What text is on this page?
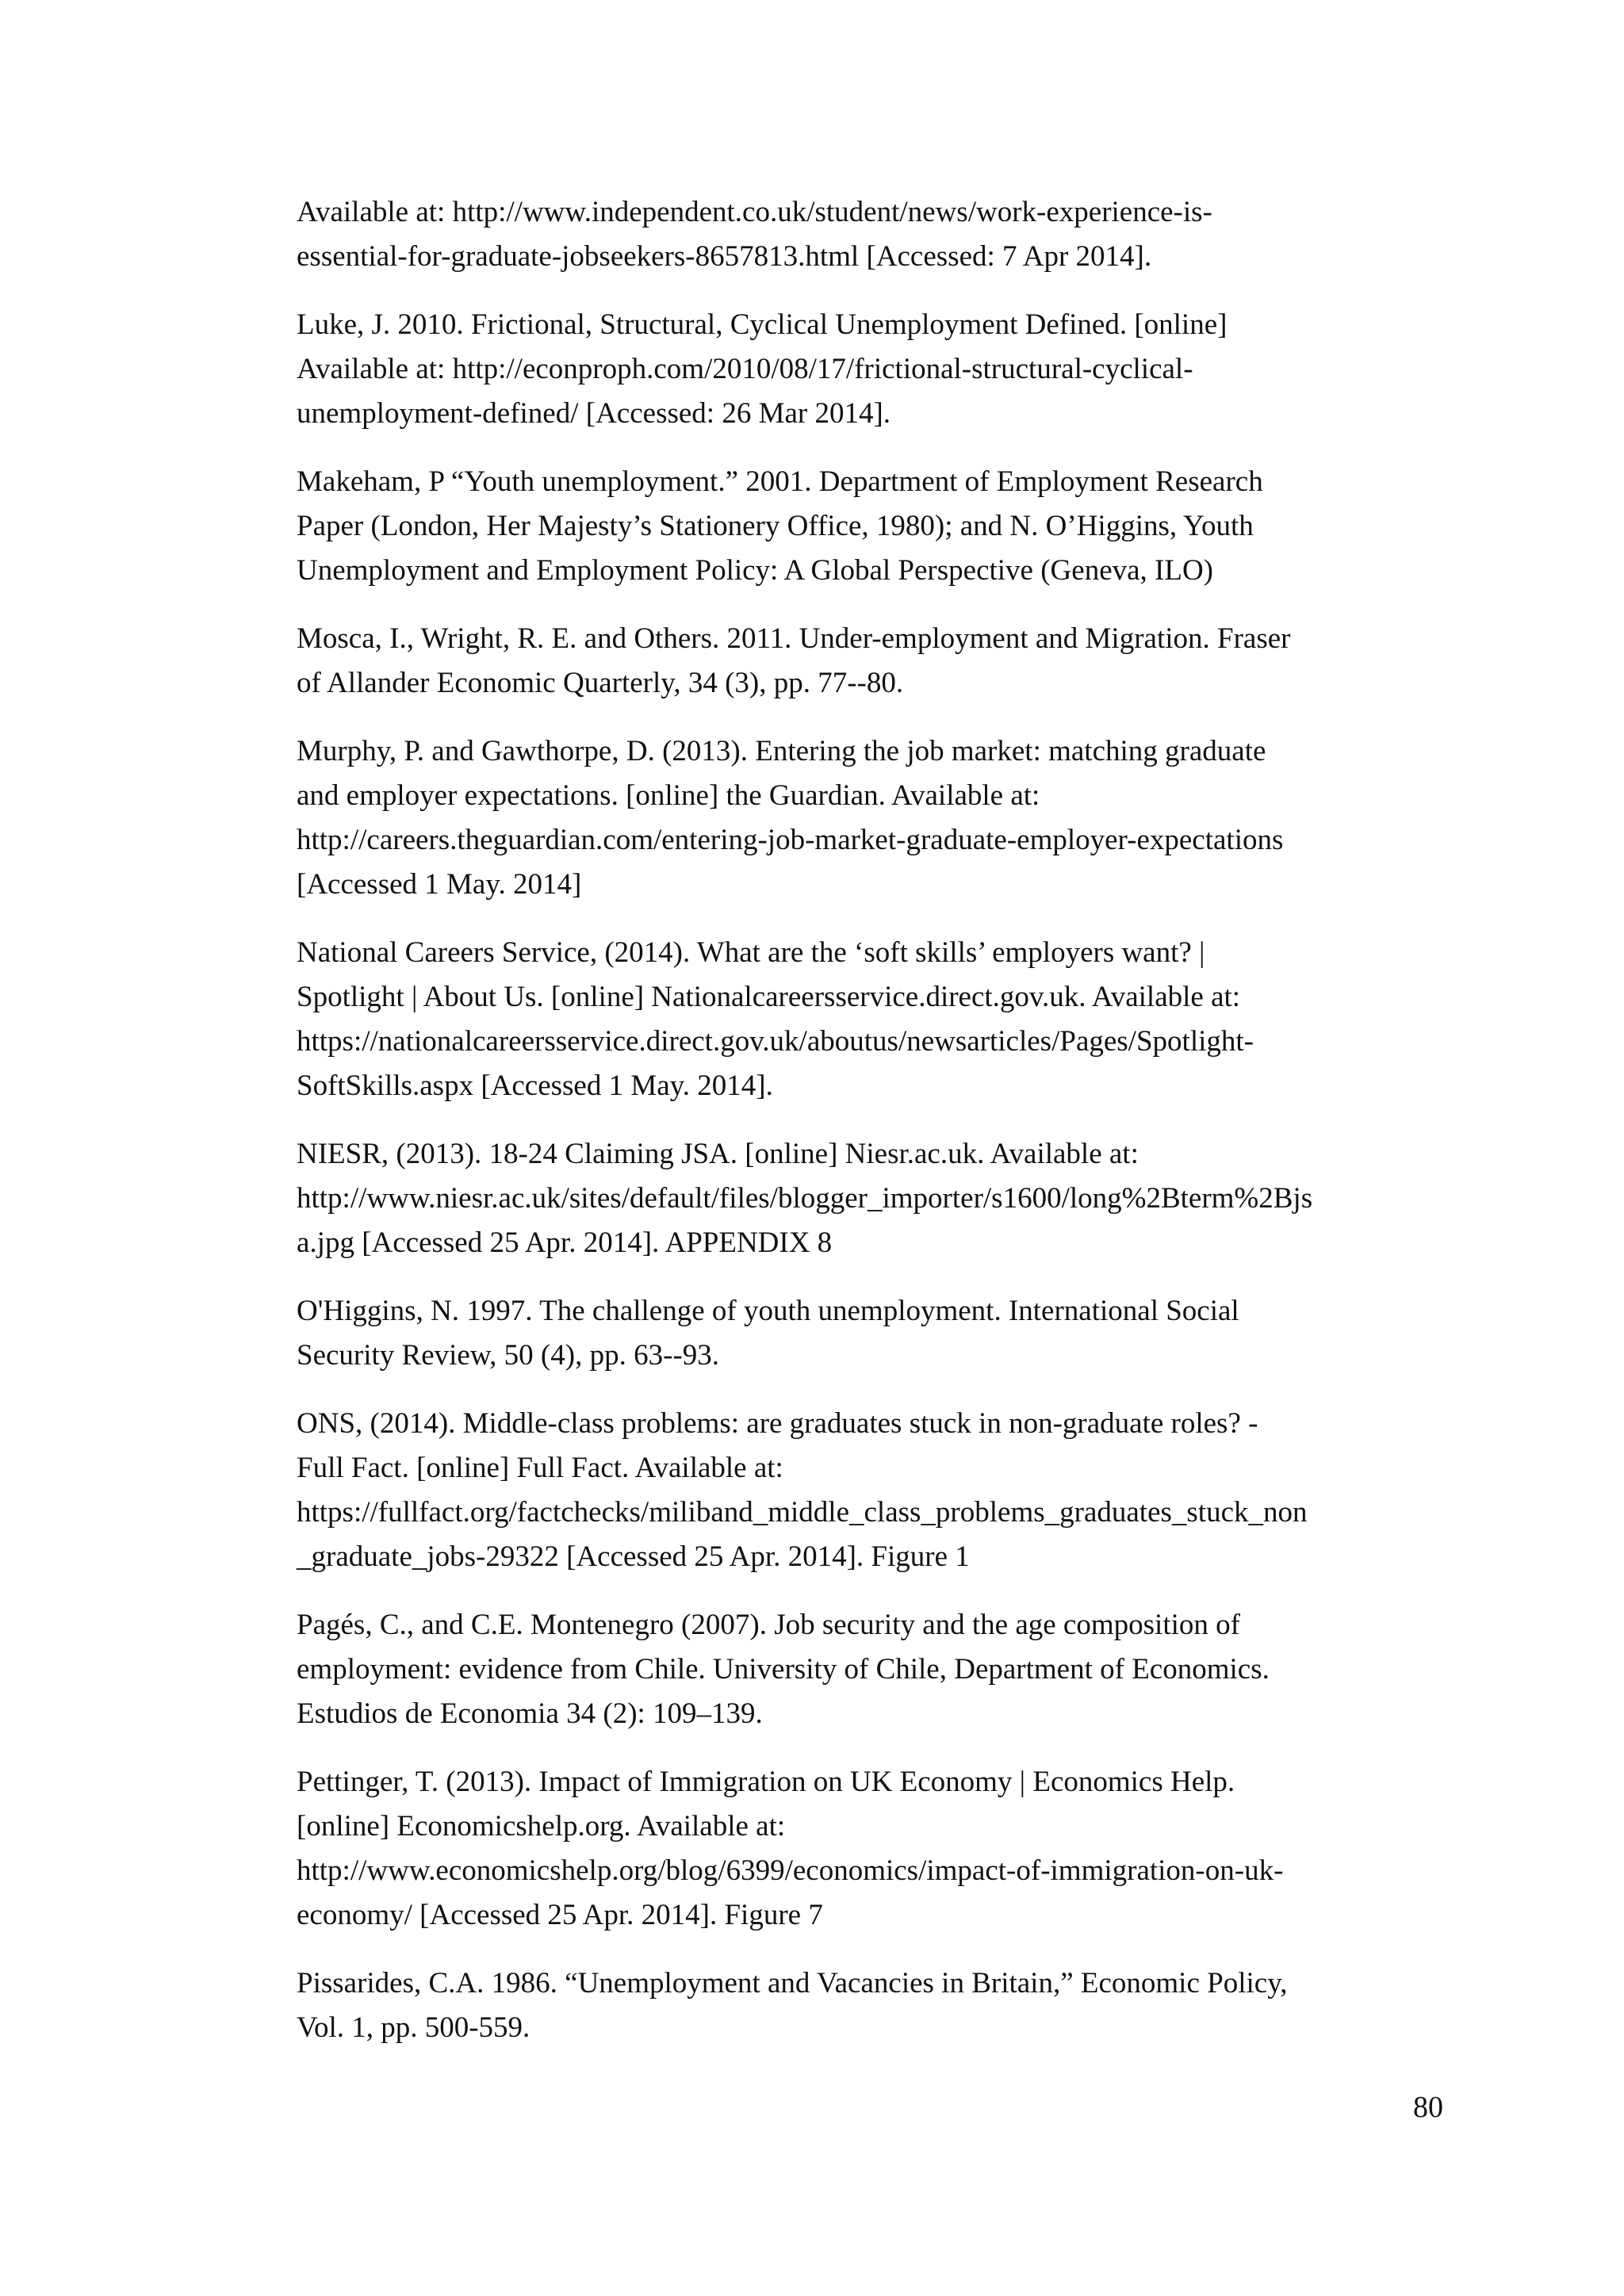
Available at: http://www.independent.co.uk/student/news/work-experience-is-
essential-for-graduate-jobseekers-8657813.html [Accessed: 7 Apr 2014].
Luke, J. 2010. Frictional, Structural, Cyclical Unemployment Defined. [online]
Available at: http://econproph.com/2010/08/17/frictional-structural-cyclical-
unemployment-defined/ [Accessed: 26 Mar 2014].
Makeham, P “Youth unemployment.” 2001. Department of Employment Research
Paper (London, Her Majesty’s Stationery Office, 1980); and N. O’Higgins, Youth
Unemployment and Employment Policy: A Global Perspective (Geneva, ILO)
Mosca, I., Wright, R. E. and Others. 2011. Under-employment and Migration. Fraser
of Allander Economic Quarterly, 34 (3), pp. 77--80.
Murphy, P. and Gawthorpe, D. (2013). Entering the job market: matching graduate
and employer expectations. [online] the Guardian. Available at:
http://careers.theguardian.com/entering-job-market-graduate-employer-expectations
[Accessed 1 May. 2014]
National Careers Service, (2014). What are the ‘soft skills’ employers want? |
Spotlight | About Us. [online] Nationalcareersservice.direct.gov.uk. Available at:
https://nationalcareersservice.direct.gov.uk/aboutus/newsarticles/Pages/Spotlight-
SoftSkills.aspx [Accessed 1 May. 2014].
NIESR, (2013). 18-24 Claiming JSA. [online] Niesr.ac.uk. Available at:
http://www.niesr.ac.uk/sites/default/files/blogger_importer/s1600/long%2Bterm%2Bjs
a.jpg [Accessed 25 Apr. 2014]. APPENDIX 8
O'Higgins, N. 1997. The challenge of youth unemployment. International Social
Security Review, 50 (4), pp. 63--93.
ONS, (2014). Middle-class problems: are graduates stuck in non-graduate roles? -
Full Fact. [online] Full Fact. Available at:
https://fullfact.org/factchecks/miliband_middle_class_problems_graduates_stuck_non
_graduate_jobs-29322 [Accessed 25 Apr. 2014]. Figure 1
Pagés, C., and C.E. Montenegro (2007). Job security and the age composition of
employment: evidence from Chile. University of Chile, Department of Economics.
Estudios de Economia 34 (2): 109–139.
Pettinger, T. (2013). Impact of Immigration on UK Economy | Economics Help.
[online] Economicshelp.org. Available at:
http://www.economicshelp.org/blog/6399/economics/impact-of-immigration-on-uk-
economy/ [Accessed 25 Apr. 2014]. Figure 7
Pissarides, C.A. 1986. “Unemployment and Vacancies in Britain,” Economic Policy,
Vol. 1, pp. 500-559.
80
